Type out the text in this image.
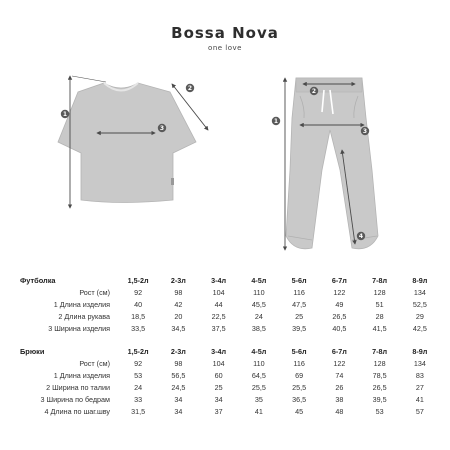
Bossa Nova
one love
1
2
3
1
2
3
4
Футболка	1,5-2л	2-3л	3-4л	4-5л	5-6л	6-7л	7-8л	8-9л
Рост (см)	92	98	104	110	116	122	128	134
1 Длина изделия	40	42	44	45,5	47,5	49	51	52,5
2 Длина рукава	18,5	20	22,5	24	25	26,5	28	29
3 Ширина изделия	33,5	34,5	37,5	38,5	39,5	40,5	41,5	42,5
Брюки	1,5-2л	2-3л	3-4л	4-5л	5-6л	6-7л	7-8л	8-9л
Рост (см)	92	98	104	110	116	122	128	134
1 Длина изделия	53	56,5	60	64,5	69	74	78,5	83
2 Ширина по талии	24	24,5	25	25,5	25,5	26	26,5	27
3 Ширина по бедрам	33	34	34	35	36,5	38	39,5	41
4 Длина по шаг.шву	31,5	34	37	41	45	48	53	57
